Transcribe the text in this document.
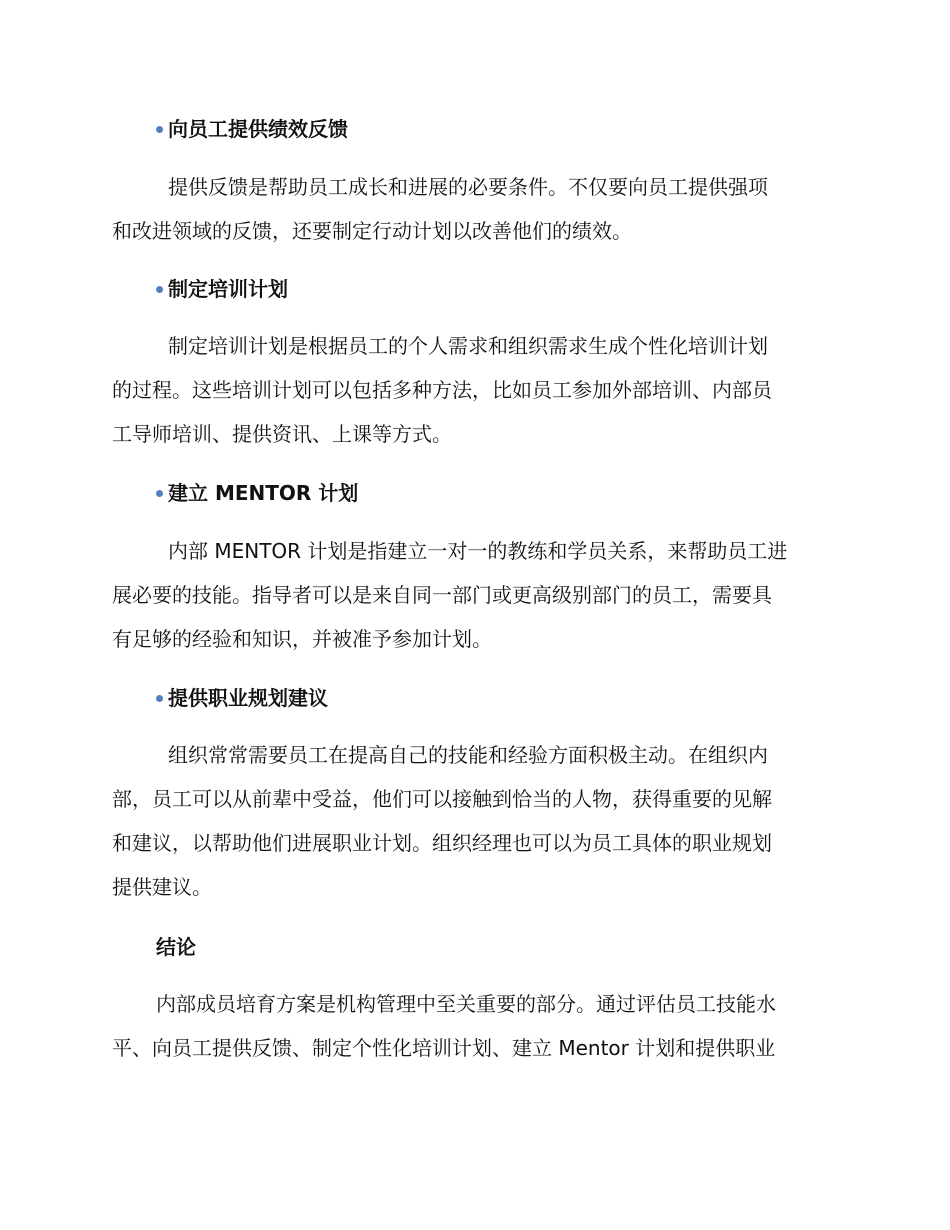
向员工提供绩效反馈
提供反馈是帮助员工成长和进展的必要条件。不仅要向员工提供强项
和改进领域的反馈，还要制定行动计划以改善他们的绩效。
制定培训计划
制定培训计划是根据员工的个人需求和组织需求生成个性化培训计划
的过程。这些培训计划可以包括多种方法，比如员工参加外部培训、内部员
工导师培训、提供资讯、上课等方式。
建立 MENTOR 计划
内部 MENTOR 计划是指建立一对一的教练和学员关系，来帮助员工进
展必要的技能。指导者可以是来自同一部门或更高级别部门的员工，需要具
有足够的经验和知识，并被准予参加计划。
提供职业规划建议
组织常常需要员工在提高自己的技能和经验方面积极主动。在组织内
部，员工可以从前辈中受益，他们可以接触到恰当的人物，获得重要的见解
和建议，以帮助他们进展职业计划。组织经理也可以为员工具体的职业规划
提供建议。
结论
内部成员培育方案是机构管理中至关重要的部分。通过评估员工技能水
平、向员工提供反馈、制定个性化培训计划、建立 Mentor 计划和提供职业
